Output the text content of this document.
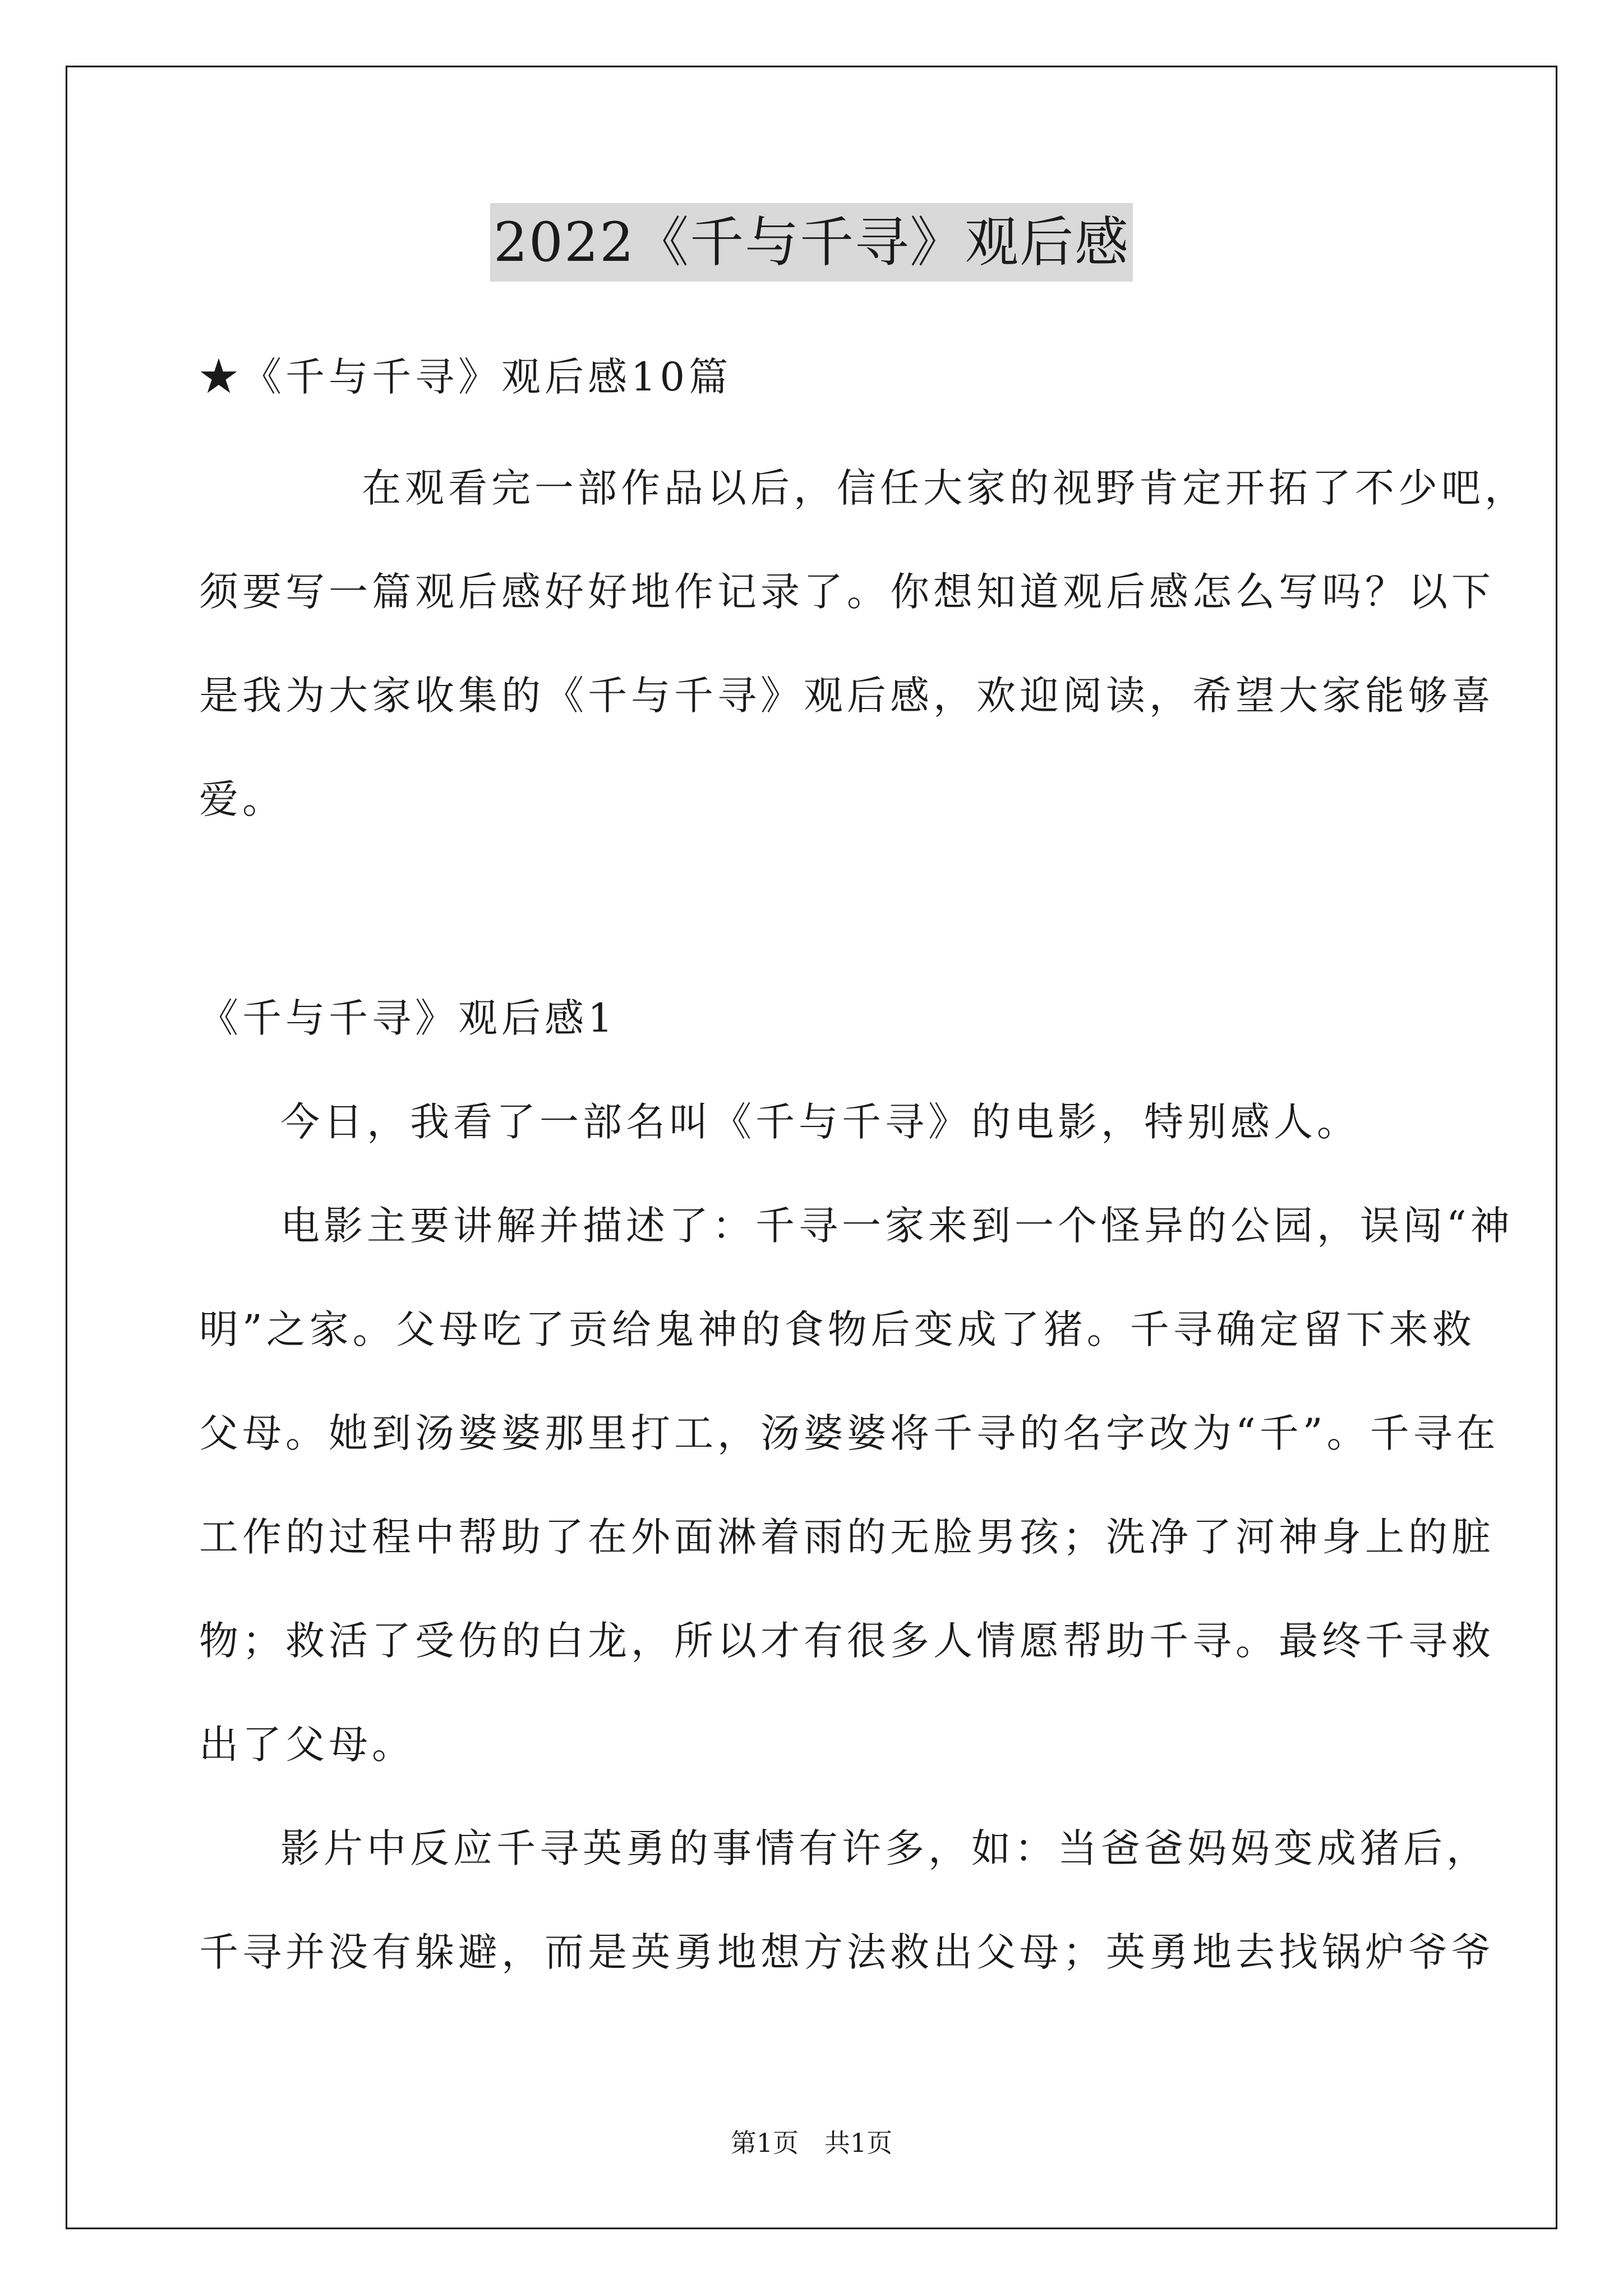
2022《千与千寻》观后感
★《千与千寻》观后感10篇
在观看完一部作品以后，信任大家的视野肯定开拓了不少吧，
须要写一篇观后感好好地作记录了。你想知道观后感怎么写吗？以下
是我为大家收集的《千与千寻》观后感，欢迎阅读，希望大家能够喜
爱。
《千与千寻》观后感1
今日，我看了一部名叫《千与千寻》的电影，特别感人。
电影主要讲解并描述了：千寻一家来到一个怪异的公园，误闯“神
明”之家。父母吃了贡给鬼神的食物后变成了猪。千寻确定留下来救
父母。她到汤婆婆那里打工，汤婆婆将千寻的名字改为“千”。千寻在
工作的过程中帮助了在外面淋着雨的无脸男孩；洗净了河神身上的脏
物；救活了受伤的白龙，所以才有很多人情愿帮助千寻。最终千寻救
出了父母。
影片中反应千寻英勇的事情有许多，如：当爸爸妈妈变成猪后，
千寻并没有躲避，而是英勇地想方法救出父母；英勇地去找锅炉爷爷
第1页　共1页
